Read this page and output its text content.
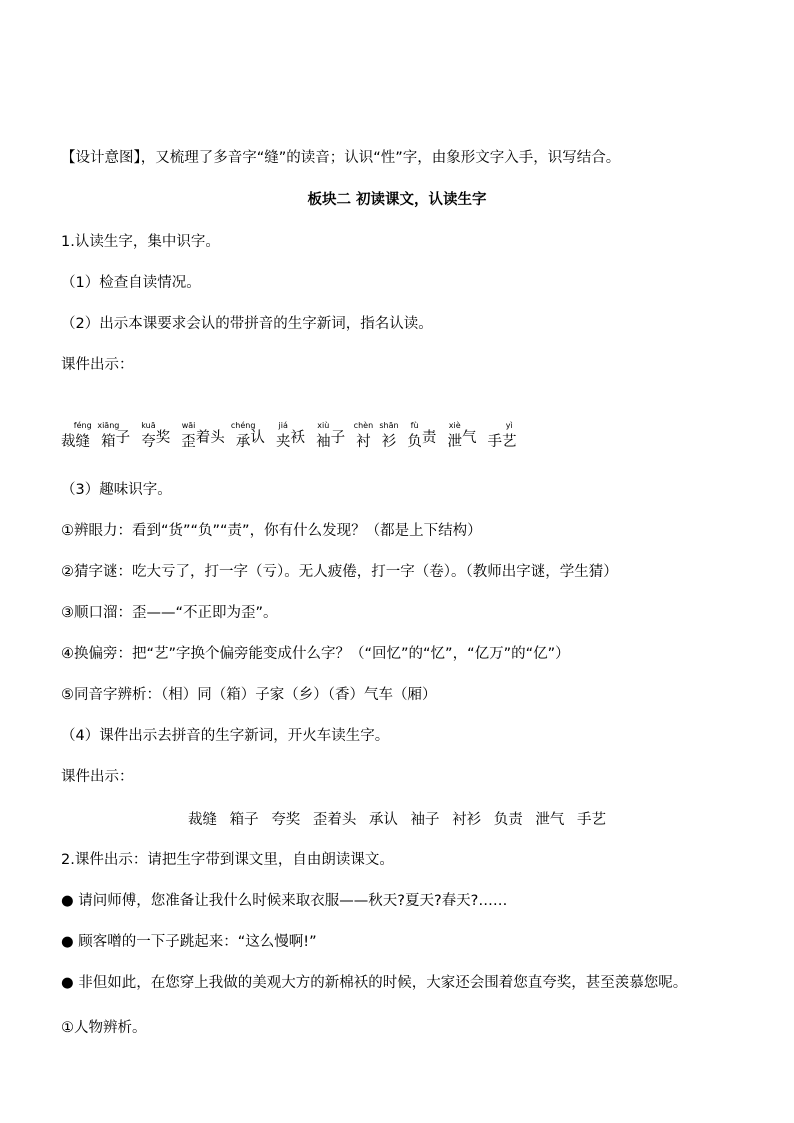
【设计意图】，又梳理了多音字“缝”的读音；认识“性”字，由象形文字入手，识写结合。
板块二 初读课文，认读生字
1.认读生字，集中识字。
（1）检查自读情况。
（2）出示本课要求会认的带拼音的生字新词，指名认读。
课件出示：
裁
féng
缝
xiāng
箱子
kuā
夸奖
wāi
歪着头
chéng
承认
jiá
夹袄
xiù
袖子
chèn
衬
shān
衫
fù
负责
xiè
泄气 手
yì
艺
（3）趣味识字。
①辨眼力：看到“货”“负”“责”，你有什么发现？（都是上下结构）
②猜字谜：吃大亏了，打一字（亏）。无人疲倦，打一字（卷）。（教师出字谜，学生猜）
③顺口溜：歪——“不正即为歪”。
④换偏旁：把“艺”字换个偏旁能变成什么字？（“回忆”的“忆”，“亿万”的“亿”）
⑤同音字辨析：（相）同（箱）子家（乡）（香）气车（厢）
（4）课件出示去拼音的生字新词，开火车读生字。
课件出示：
裁缝 箱子 夸奖 歪着头 承认 袖子 衬衫 负责 泄气 手艺
2.课件出示：请把生字带到课文里，自由朗读课文。
● 请问师傅，您准备让我什么时候来取衣服——秋天?夏天?春天?……
● 顾客噌的一下子跳起来：“这么慢啊!”
● 非但如此，在您穿上我做的美观大方的新棉袄的时候，大家还会围着您直夸奖，甚至羡慕您呢。
①人物辨析。
